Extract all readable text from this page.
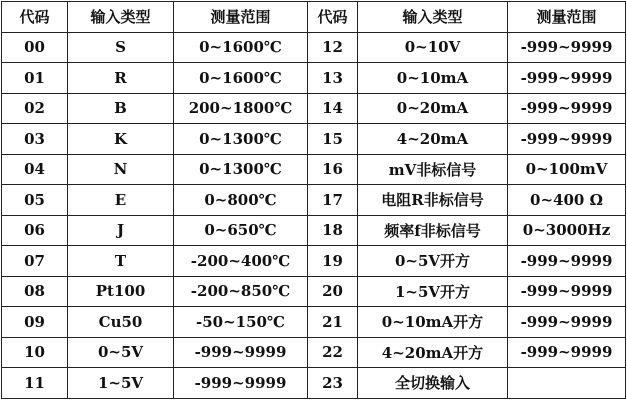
代码	输入类型	测量范围	代码	输入类型	测量范围
00	S	0~1600℃	12	0~10V	-999~9999
01	R	0~1600℃	13	0~10mA	-999~9999
02	B	200~1800℃	14	0~20mA	-999~9999
03	K	0~1300℃	15	4~20mA	-999~9999
04	N	0~1300℃	16	mV非标信号	0~100mV
05	E	0~800℃	17	电阻R非标信号	0~400 Ω
06	J	0~650℃	18	频率f非标信号	0~3000Hz
07	T	-200~400℃	19	0~5V开方	-999~9999
08	Pt100	-200~850℃	20	1~5V开方	-999~9999
09	Cu50	-50~150℃	21	0~10mA开方	-999~9999
10	0~5V	-999~9999	22	4~20mA开方	-999~9999
11	1~5V	-999~9999	23	全切换输入	
